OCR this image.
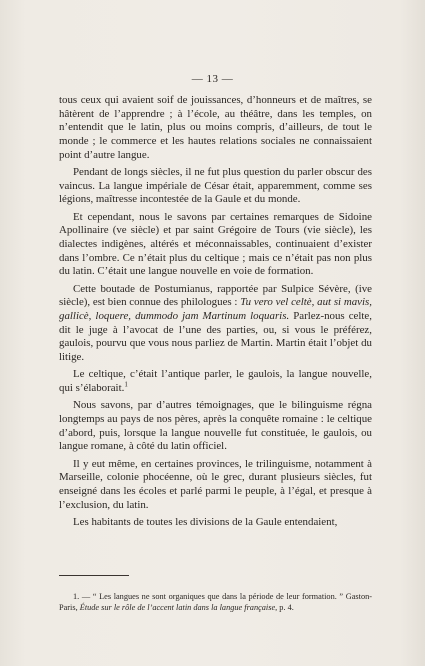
— 13 —

tous ceux qui avaient soif de jouissances, d’honneurs et de maîtres, se hâtèrent de l’apprendre ; à l’école, au théâtre, dans les temples, on n’entendit que le latin, plus ou moins compris, d’ailleurs, de tout le monde ; le commerce et les hautes relations sociales ne connaissaient point d’autre langue.

Pendant de longs siècles, il ne fut plus question du parler obscur des vaincus. La langue impériale de César était, apparemment, comme ses légions, maîtresse incontestée de la Gaule et du monde.

Et cependant, nous le savons par certaines remarques de Sidoine Apollinaire (ve siècle) et par saint Grégoire de Tours (vie siècle), les dialectes indigènes, altérés et méconnaissables, continuaient d’exister dans l’ombre. Ce n’était plus du celtique ; mais ce n’était pas non plus du latin. C’était une langue nouvelle en voie de formation.

Cette boutade de Postumianus, rapportée par Sulpice Sévère, (ive siècle), est bien connue des philologues : Tu vero vel celtè, aut si mavis, gallicè, loquere, dummodo jam Martinum loquaris. Parlez-nous celte, dit le juge à l’avocat de l’une des parties, ou, si vous le préférez, gaulois, pourvu que vous nous parliez de Martin. Martin était l’objet du litige.

Le celtique, c’était l’antique parler, le gaulois, la langue nouvelle, qui s’élaborait.$^1$

Nous savons, par d’autres témoignages, que le bilinguisme régna longtemps au pays de nos pères, après la conquête romaine : le celtique d’abord, puis, lorsque la langue nouvelle fut constituée, le gaulois, ou langue romane, à côté du latin officiel.

Il y eut même, en certaines provinces, le trilinguisme, notamment à Marseille, colonie phocéenne, où le grec, durant plusieurs siècles, fut enseigné dans les écoles et parlé parmi le peuple, à l’égal, et presque à l’exclusion, du latin.

Les habitants de toutes les divisions de la Gaule entendaient,

1. — “ Les langues ne sont organiques que dans la période de leur formation. ” Gaston-Paris, Étude sur le rôle de l’accent latin dans la langue française, p. 4.
